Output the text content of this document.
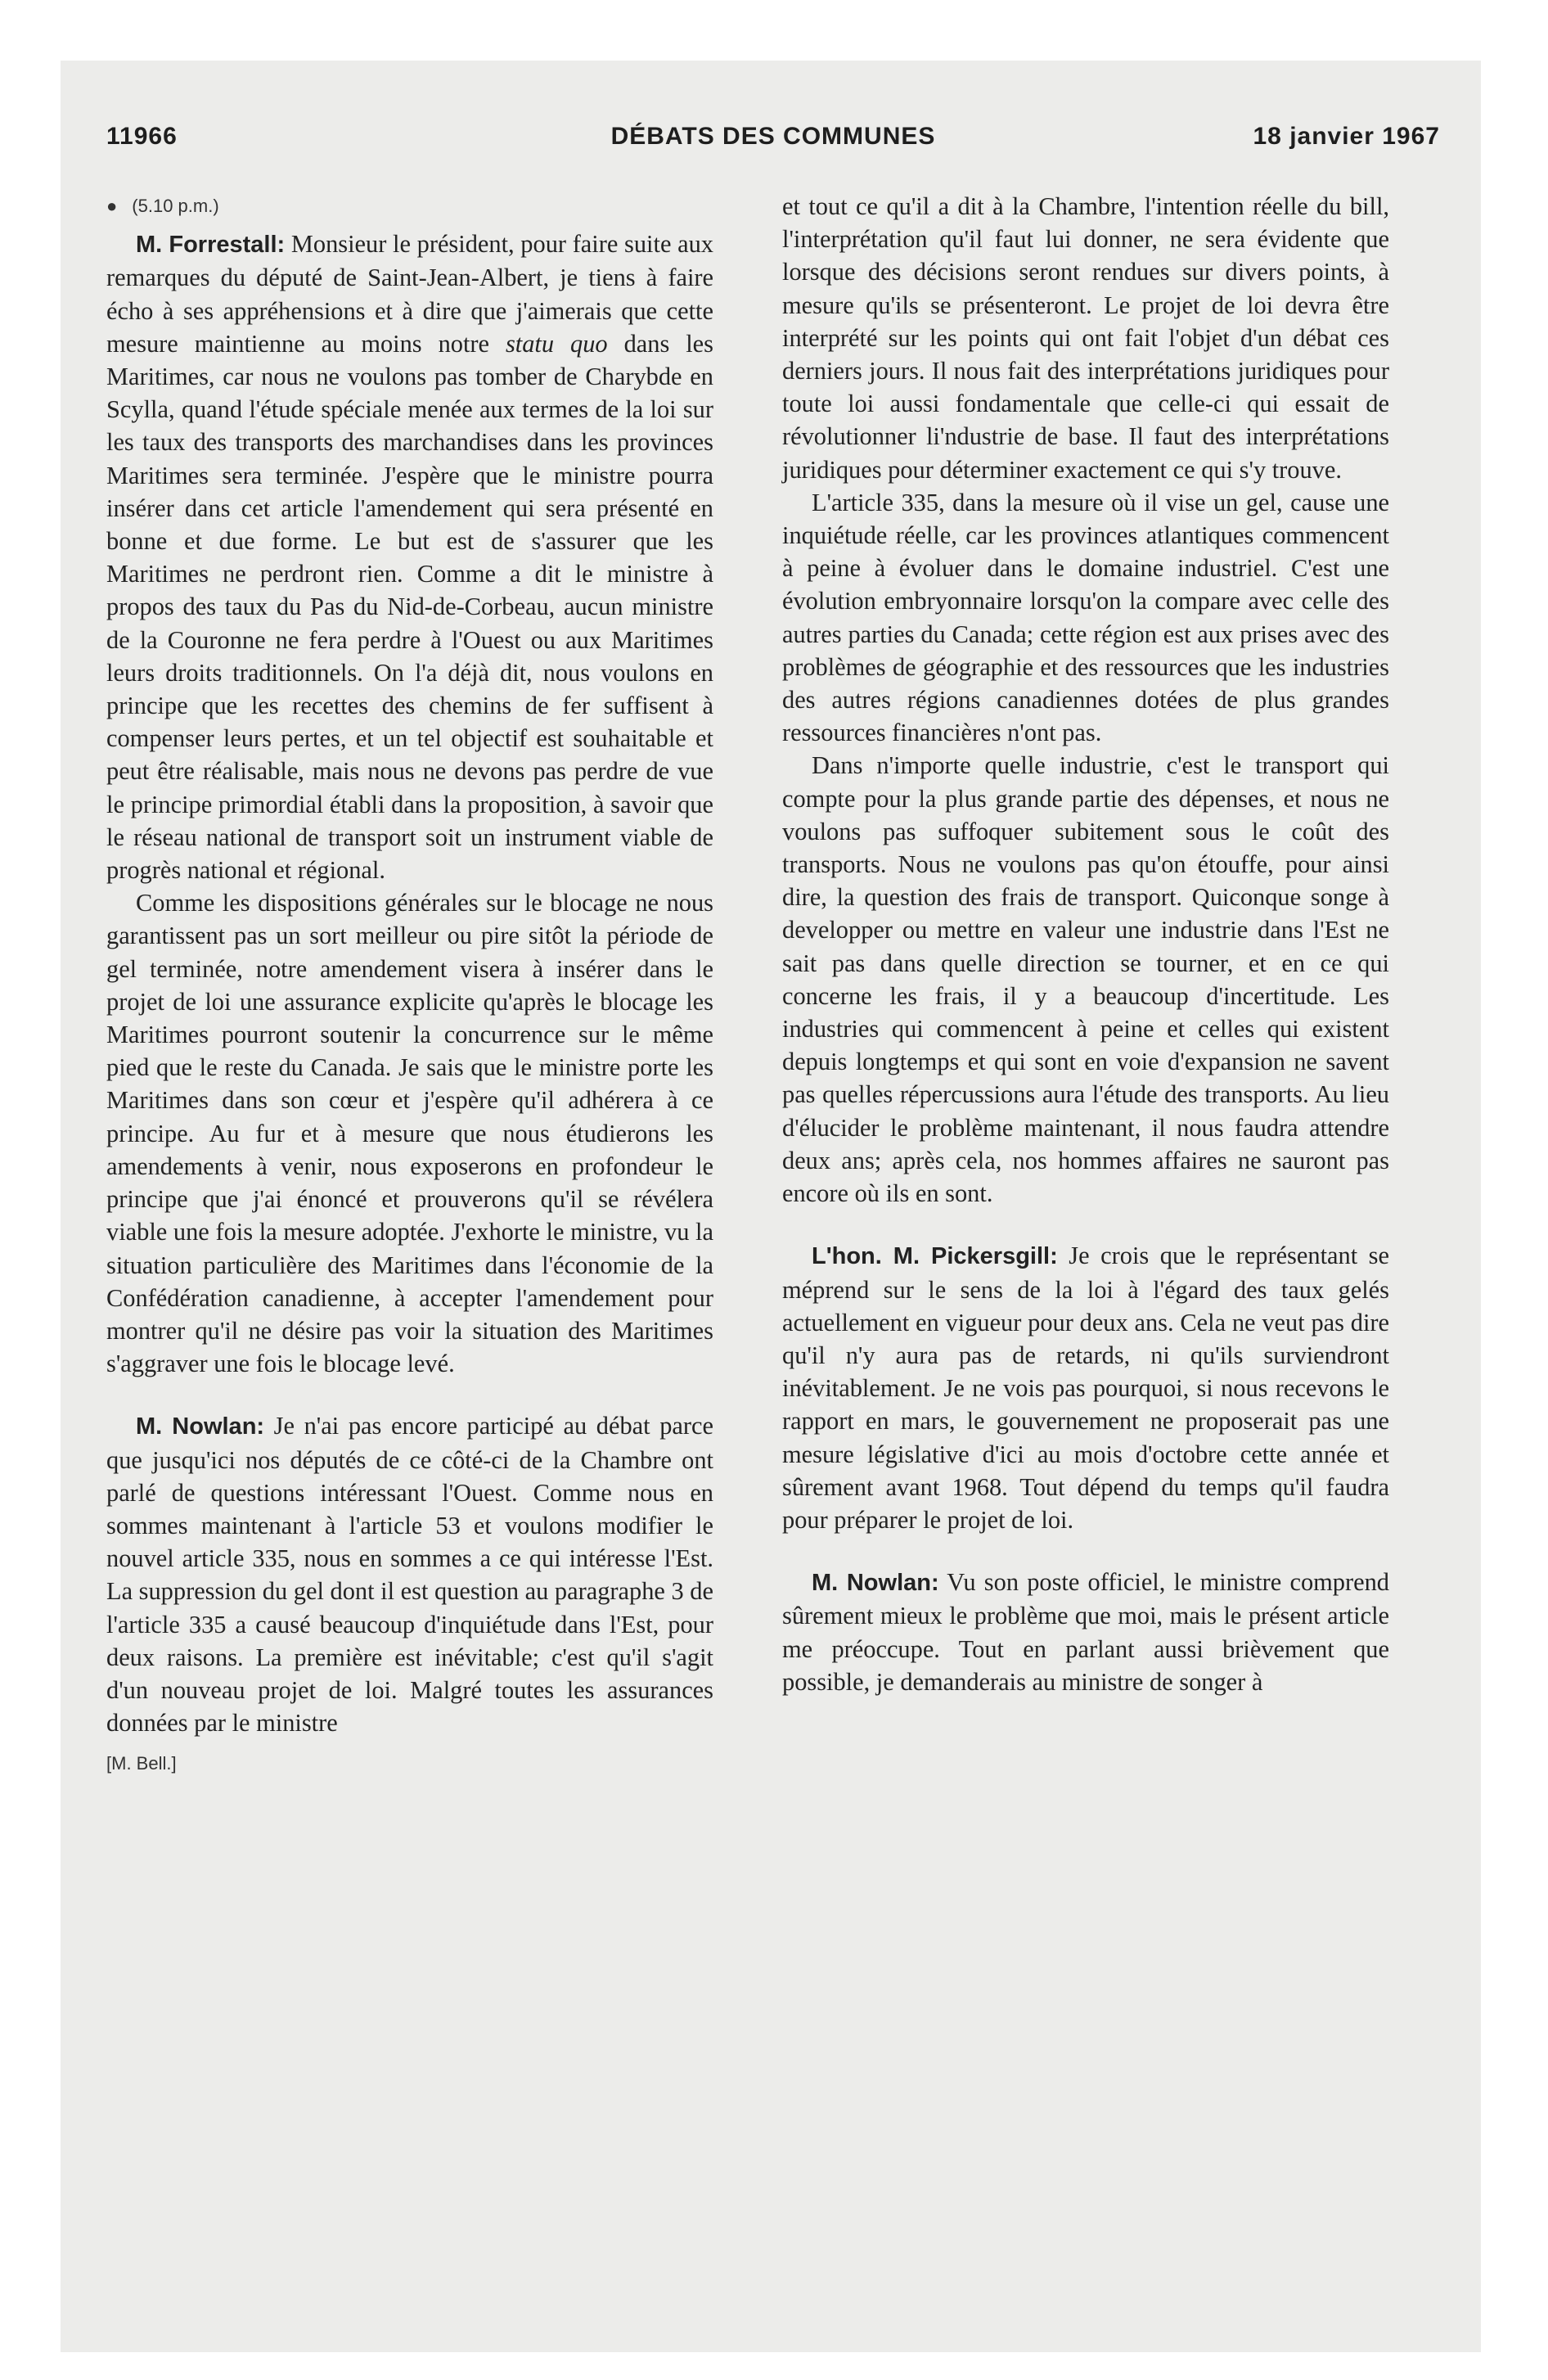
11966	DÉBATS DES COMMUNES	18 janvier 1967
● (5.10 p.m.)

M. Forrestall: Monsieur le président, pour faire suite aux remarques du député de Saint-Jean-Albert, je tiens à faire écho à ses appréhensions et à dire que j'aimerais que cette mesure maintienne au moins notre statu quo dans les Maritimes, car nous ne voulons pas tomber de Charybde en Scylla, quand l'étude spéciale menée aux termes de la loi sur les taux des transports des marchandises dans les provinces Maritimes sera terminée. J'espère que le ministre pourra insérer dans cet article l'amendement qui sera présenté en bonne et due forme. Le but est de s'assurer que les Maritimes ne perdront rien. Comme a dit le ministre à propos des taux du Pas du Nid-de-Corbeau, aucun ministre de la Couronne ne fera perdre à l'Ouest ou aux Maritimes leurs droits traditionnels. On l'a déjà dit, nous voulons en principe que les recettes des chemins de fer suffisent à compenser leurs pertes, et un tel objectif est souhaitable et peut être réalisable, mais nous ne devons pas perdre de vue le principe primordial établi dans la proposition, à savoir que le réseau national de transport soit un instrument viable de progrès national et régional.

Comme les dispositions générales sur le blocage ne nous garantissent pas un sort meilleur ou pire sitôt la période de gel terminée, notre amendement visera à insérer dans le projet de loi une assurance explicite qu'après le blocage les Maritimes pourront soutenir la concurrence sur le même pied que le reste du Canada. Je sais que le ministre porte les Maritimes dans son cœur et j'espère qu'il adhérera à ce principe. Au fur et à mesure que nous étudierons les amendements à venir, nous exposerons en profondeur le principe que j'ai énoncé et prouverons qu'il se révélera viable une fois la mesure adoptée. J'exhorte le ministre, vu la situation particulière des Maritimes dans l'économie de la Confédération canadienne, à accepter l'amendement pour montrer qu'il ne désire pas voir la situation des Maritimes s'aggraver une fois le blocage levé.

M. Nowlan: Je n'ai pas encore participé au débat parce que jusqu'ici nos députés de ce côté-ci de la Chambre ont parlé de questions intéressant l'Ouest. Comme nous en sommes maintenant à l'article 53 et voulons modifier le nouvel article 335, nous en sommes a ce qui intéresse l'Est. La suppression du gel dont il est question au paragraphe 3 de l'article 335 a causé beaucoup d'inquiétude dans l'Est, pour deux raisons. La première est inévitable; c'est qu'il s'agit d'un nouveau projet de loi. Malgré toutes les assurances données par le ministre

[M. Bell.]

et tout ce qu'il a dit à la Chambre, l'intention réelle du bill, l'interprétation qu'il faut lui donner, ne sera évidente que lorsque des décisions seront rendues sur divers points, à mesure qu'ils se présenteront. Le projet de loi devra être interprété sur les points qui ont fait l'objet d'un débat ces derniers jours. Il nous fait des interprétations juridiques pour toute loi aussi fondamentale que celle-ci qui essait de révolutionner li'ndustrie de base. Il faut des interprétations juridiques pour déterminer exactement ce qui s'y trouve.

L'article 335, dans la mesure où il vise un gel, cause une inquiétude réelle, car les provinces atlantiques commencent à peine à évoluer dans le domaine industriel. C'est une évolution embryonnaire lorsqu'on la compare avec celle des autres parties du Canada; cette région est aux prises avec des problèmes de géographie et des ressources que les industries des autres régions canadiennes dotées de plus grandes ressources financières n'ont pas.

Dans n'importe quelle industrie, c'est le transport qui compte pour la plus grande partie des dépenses, et nous ne voulons pas suffoquer subitement sous le coût des transports. Nous ne voulons pas qu'on étouffe, pour ainsi dire, la question des frais de transport. Quiconque songe à developper ou mettre en valeur une industrie dans l'Est ne sait pas dans quelle direction se tourner, et en ce qui concerne les frais, il y a beaucoup d'incertitude. Les industries qui commencent à peine et celles qui existent depuis longtemps et qui sont en voie d'expansion ne savent pas quelles répercussions aura l'étude des transports. Au lieu d'élucider le problème maintenant, il nous faudra attendre deux ans; après cela, nos hommes affaires ne sauront pas encore où ils en sont.

L'hon. M. Pickersgill: Je crois que le représentant se méprend sur le sens de la loi à l'égard des taux gelés actuellement en vigueur pour deux ans. Cela ne veut pas dire qu'il n'y aura pas de retards, ni qu'ils surviendront inévitablement. Je ne vois pas pourquoi, si nous recevons le rapport en mars, le gouvernement ne proposerait pas une mesure législative d'ici au mois d'octobre cette année et sûrement avant 1968. Tout dépend du temps qu'il faudra pour préparer le projet de loi.

M. Nowlan: Vu son poste officiel, le ministre comprend sûrement mieux le problème que moi, mais le présent article me préoccupe. Tout en parlant aussi brièvement que possible, je demanderais au ministre de songer à
